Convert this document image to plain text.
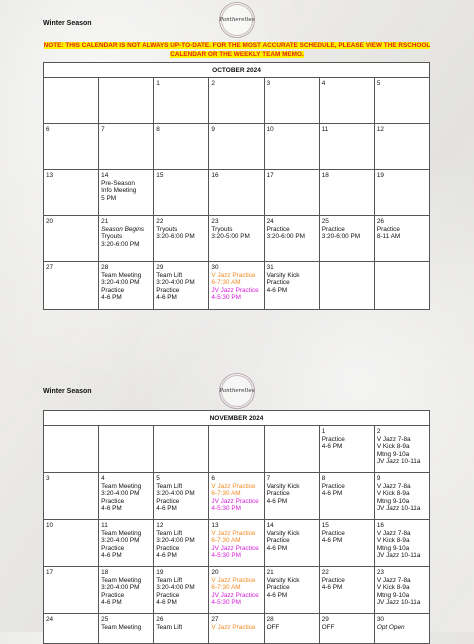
Winter Season	Panthereltes
NOTE: THIS CALENDAR IS NOT ALWAYS UP-TO-DATE. FOR THE MOST ACCURATE SCHEDULE, PLEASE VIEW THE RSCHOOL CALENDAR OR THE WEEKLY TEAM MEMO.
OCTOBER 2024						

		1	2	3	4	5

6	7	8	9	10	11	12

13	14
Pre-Season
Info Meeting
5 PM	15	16	17	18	19

20	21
Season Begins
Tryouts
3:20-6:00 PM	22
Tryouts
3:20-6:00 PM	23
Tryouts
3:20-5:00 PM	24
Practice
3:20-6:00 PM	25
Practice
3:20-6:00 PM	26
Practice
8-11 AM

27	28
Team Meeting
3:20-4:00 PM
Practice
4-6 PM	29
Team Lift
3:20-4:00 PM
Practice
4-6 PM	30
V Jazz Practice
6-7:30 AM
JV Jazz Practice
4-5:30 PM	31
Varsity Kick
Practice
4-6 PM		

Winter Season	Panthereltes
NOVEMBER 2024						

					1
Practice
4-6 PM	2
V Jazz 7-8a
V Kick 8-9a
Mtng 9-10a
JV Jazz 10-11a

3	4
Team Meeting
3:20-4:00 PM
Practice
4-6 PM	5
Team Lift
3:20-4:00 PM
Practice
4-6 PM	6
V Jazz Practice
6-7:30 AM
JV Jazz Practice
4-5:30 PM	7
Varsity Kick
Practice
4-6 PM	8
Practice
4-6 PM	9
V Jazz 7-8a
V Kick 8-9a
Mtng 9-10a
JV Jazz 10-11a

10	11
Team Meeting
3:20-4:00 PM
Practice
4-6 PM	12
Team Lift
3:20-4:00 PM
Practice
4-6 PM	13
V Jazz Practice
6-7:30 AM
JV Jazz Practice
4-5:30 PM	14
Varsity Kick
Practice
4-6 PM	15
Practice
4-6 PM	16
V Jazz 7-8a
V Kick 8-9a
Mtng 9-10a
JV Jazz 10-11a

17	18
Team Meeting
3:20-4:00 PM
Practice
4-6 PM	19
Team Lift
3:20-4:00 PM
Practice
4-6 PM	20
V Jazz Practice
6-7:30 AM
JV Jazz Practice
4-5:30 PM	21
Varsity Kick
Practice
4-6 PM	22
Practice
4-6 PM	23
V Jazz 7-8a
V Kick 8-9a
Mtng 9-10a
JV Jazz 10-11a

24	25
Team Meeting	26
Team Lift	27
V Jazz Practice	28
OFF	29
OFF	30
Opt Open
